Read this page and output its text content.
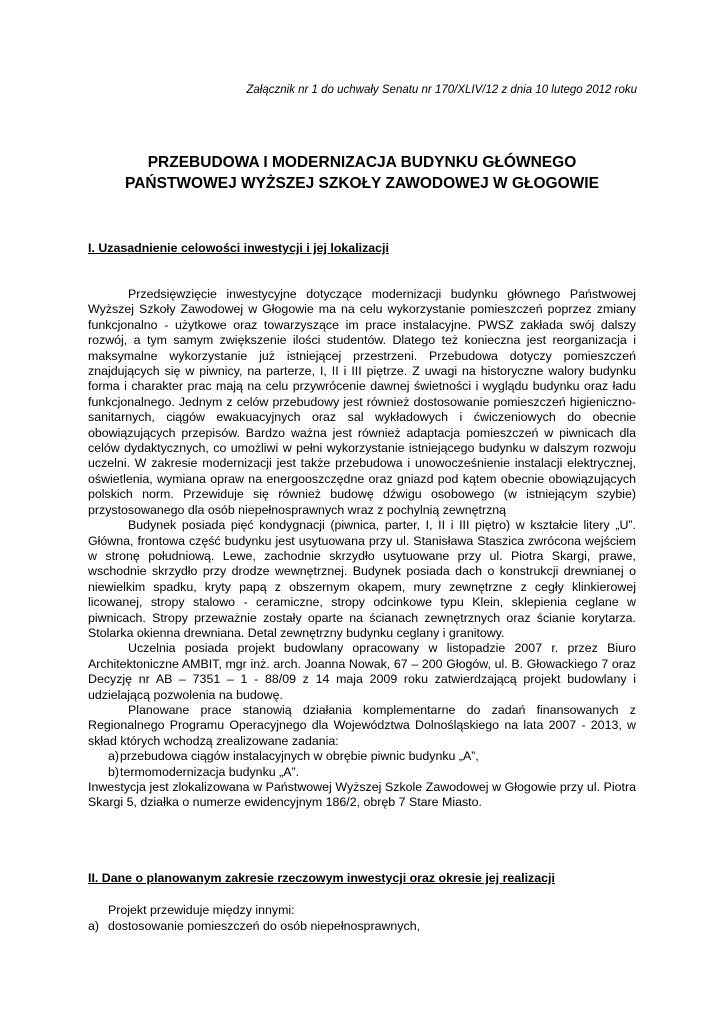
Załącznik nr 1 do uchwały Senatu nr 170/XLIV/12 z dnia 10 lutego 2012 roku
PRZEBUDOWA I MODERNIZACJA BUDYNKU GŁÓWNEGO
PAŃSTWOWEJ WYŻSZEJ SZKOŁY ZAWODOWEJ W GŁOGOWIE
I. Uzasadnienie celowości inwestycji i jej lokalizacji

Przedsięwzięcie inwestycyjne dotyczące modernizacji budynku głównego Państwowej Wyższej Szkoły Zawodowej w Głogowie ma na celu wykorzystanie pomieszczeń poprzez zmiany funkcjonalno - użytkowe oraz towarzyszące im prace instalacyjne. PWSZ zakłada swój dalszy rozwój, a tym samym zwiększenie ilości studentów. Dlatego też konieczna jest reorganizacja i maksymalne wykorzystanie już istniejącej przestrzeni. Przebudowa dotyczy pomieszczeń znajdujących się w piwnicy, na parterze, I, II i III piętrze. Z uwagi na historyczne walory budynku forma i charakter prac mają na celu przywrócenie dawnej świetności i wyglądu budynku oraz ładu funkcjonalnego. Jednym z celów przebudowy jest również dostosowanie pomieszczeń higieniczno-sanitarnych, ciągów ewakuacyjnych oraz sal wykładowych i ćwiczeniowych do obecnie obowiązujących przepisów. Bardzo ważna jest również adaptacja pomieszczeń w piwnicach dla celów dydaktycznych, co umożliwi w pełni wykorzystanie istniejącego budynku w dalszym rozwoju uczelni. W zakresie modernizacji jest także przebudowa i unowocześnienie instalacji elektrycznej, oświetlenia, wymiana opraw na energooszczędne oraz gniazd pod kątem obecnie obowiązujących polskich norm. Przewiduje się również budowę dźwigu osobowego (w istniejącym szybie) przystosowanego dla osób niepełnosprawnych wraz z pochylnią zewnętrzną

Budynek posiada pięć kondygnacji (piwnica, parter, I, II i III piętro) w kształcie litery „U”. Główna, frontowa część budynku jest usytuowana przy ul. Stanisława Staszica zwrócona wejściem w stronę południową. Lewe, zachodnie skrzydło usytuowane przy ul. Piotra Skargi, prawe, wschodnie skrzydło przy drodze wewnętrznej. Budynek posiada dach o konstrukcji drewnianej o niewielkim spadku, kryty papą z obszernym okapem, mury zewnętrzne z cegły klinkierowej licowanej, stropy stalowo - ceramiczne, stropy odcinkowe typu Klein, sklepienia ceglane w piwnicach. Stropy przeważnie zostały oparte na ścianach zewnętrznych oraz ścianie korytarza. Stolarka okienna drewniana. Detal zewnętrzny budynku ceglany i granitowy.

Uczelnia posiada projekt budowlany opracowany w listopadzie 2007 r. przez Biuro Architektoniczne AMBIT, mgr inż. arch. Joanna Nowak, 67 – 200 Głogów, ul. B. Głowackiego 7 oraz Decyzję nr AB – 7351 – 1 - 88/09 z 14 maja 2009 roku zatwierdzającą projekt budowlany i udzielającą pozwolenia na budowę.

Planowane prace stanowią działania komplementarne do zadań finansowanych z Regionalnego Programu Operacyjnego dla Województwa Dolnośląskiego na lata 2007 - 2013, w skład których wchodzą zrealizowane zadania:

a) przebudowa ciągów instalacyjnych w obrębie piwnic budynku „A”,
b) termomodernizacja budynku „A”.

Inwestycja jest zlokalizowana w Państwowej Wyższej Szkole Zawodowej w Głogowie przy ul. Piotra Skargi 5, działka o numerze ewidencyjnym 186/2, obręb 7 Stare Miasto.

II. Dane o planowanym zakresie rzeczowym inwestycji oraz okresie jej realizacji

Projekt przewiduje między innymi:

a) dostosowanie pomieszczeń do osób niepełnosprawnych,
